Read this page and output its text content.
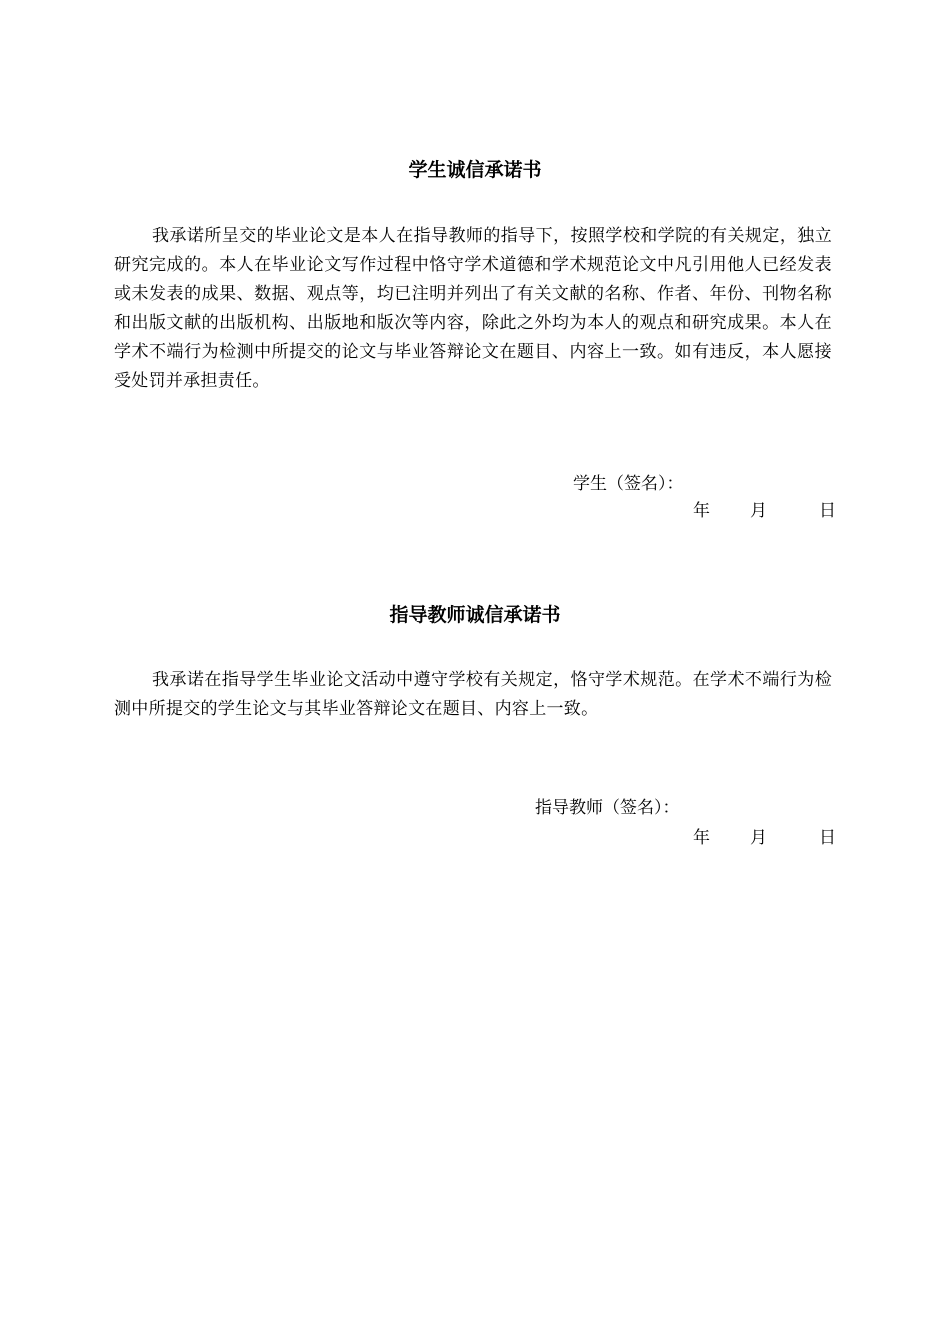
学生诚信承诺书
我承诺所呈交的毕业论文是本人在指导教师的指导下，按照学校和学院的有关规定，独立研究完成的。本人在毕业论文写作过程中恪守学术道德和学术规范论文中凡引用他人已经发表或未发表的成果、数据、观点等，均已注明并列出了有关文献的名称、作者、年份、刊物名称和出版文献的出版机构、出版地和版次等内容，除此之外均为本人的观点和研究成果。本人在学术不端行为检测中所提交的论文与毕业答辩论文在题目、内容上一致。如有违反，本人愿接受处罚并承担责任。
学生（签名）：
年 月	日
指导教师诚信承诺书
我承诺在指导学生毕业论文活动中遵守学校有关规定，恪守学术规范。在学术不端行为检测中所提交的学生论文与其毕业答辩论文在题目、内容上一致。
指导教师（签名）：
年 月	日
